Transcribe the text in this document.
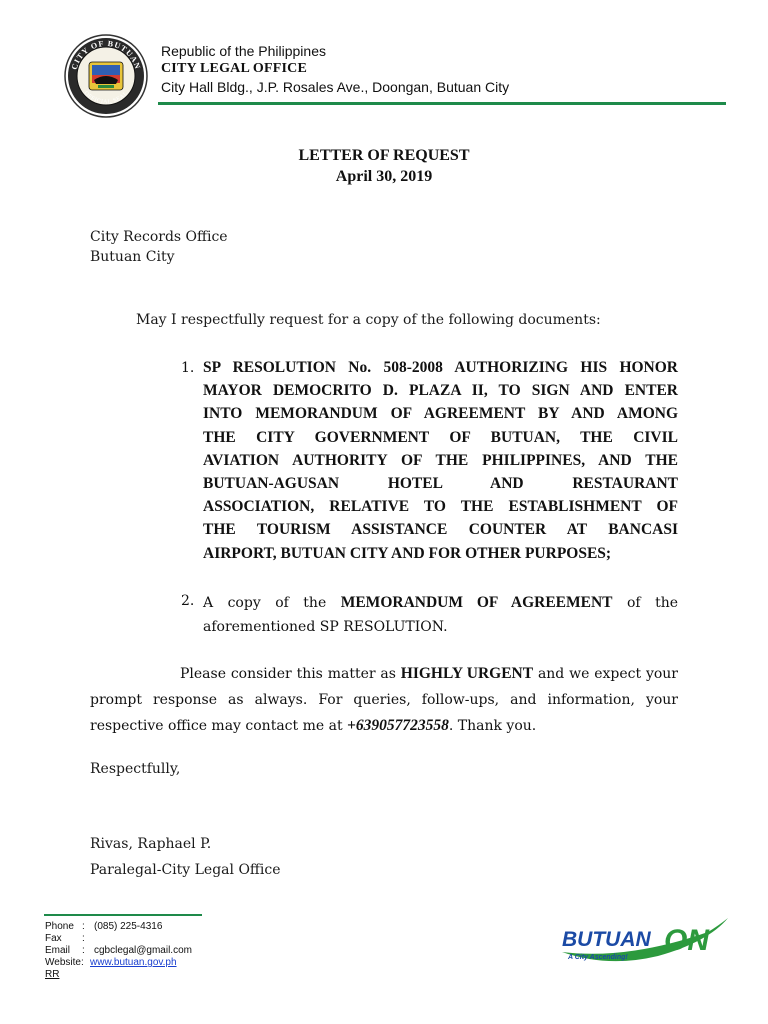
CITY OF BUTUAN
OFFICIAL SEAL
Republic of the Philippines
CITY LEGAL OFFICE
City Hall Bldg., J.P. Rosales Ave., Doongan, Butuan City
LETTER OF REQUEST
April 30, 2019
City Records Office
Butuan City
May I respectfully request for a copy of the following documents:
1. SP RESOLUTION No. 508-2008 AUTHORIZING HIS HONOR
MAYOR DEMOCRITO D. PLAZA II, TO SIGN AND ENTER
INTO MEMORANDUM OF AGREEMENT BY AND AMONG
THE CITY GOVERNMENT OF BUTUAN, THE CIVIL
AVIATION AUTHORITY OF THE PHILIPPINES, AND THE
BUTUAN-AGUSAN HOTEL AND RESTAURANT
ASSOCIATION, RELATIVE TO THE ESTABLISHMENT OF
THE TOURISM ASSISTANCE COUNTER AT BANCASI
AIRPORT, BUTUAN CITY AND FOR OTHER PURPOSES;
2. A copy of the MEMORANDUM OF AGREEMENT of the
aforementioned SP RESOLUTION.
Please consider this matter as HIGHLY URGENT and we expect your
prompt response as always. For queries, follow-ups, and information, your
respective office may contact me at +639057723558. Thank you.
Respectfully,
Rivas, Raphael P.
Paralegal-City Legal Office
Phone : (085) 225-4316
Fax :
Email : cgbclegal@gmail.com
Website: www.butuan.gov.ph
RR
BUTUAN ON
A City Ascending!
